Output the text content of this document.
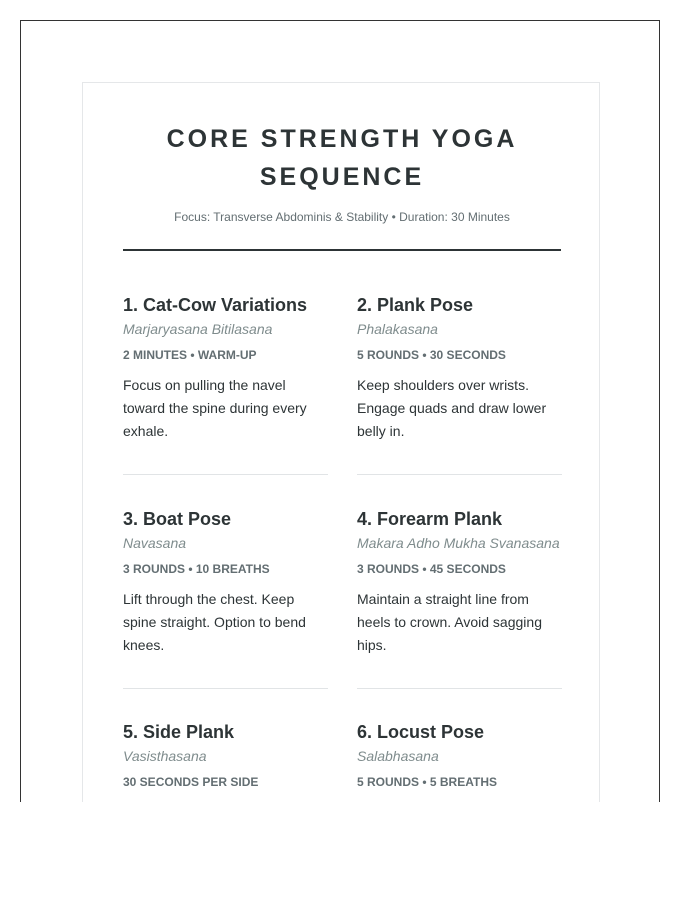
CORE STRENGTH YOGA SEQUENCE
Focus: Transverse Abdominis & Stability • Duration: 30 Minutes
1. Cat-Cow Variations
Marjaryasana Bitilasana
2 MINUTES • WARM-UP
Focus on pulling the navel toward the spine during every exhale.
2. Plank Pose
Phalakasana
5 ROUNDS • 30 SECONDS
Keep shoulders over wrists. Engage quads and draw lower belly in.
3. Boat Pose
Navasana
3 ROUNDS • 10 BREATHS
Lift through the chest. Keep spine straight. Option to bend knees.
4. Forearm Plank
Makara Adho Mukha Svanasana
3 ROUNDS • 45 SECONDS
Maintain a straight line from heels to crown. Avoid sagging hips.
5. Side Plank
Vasisthasana
30 SECONDS PER SIDE
6. Locust Pose
Salabhasana
5 ROUNDS • 5 BREATHS
